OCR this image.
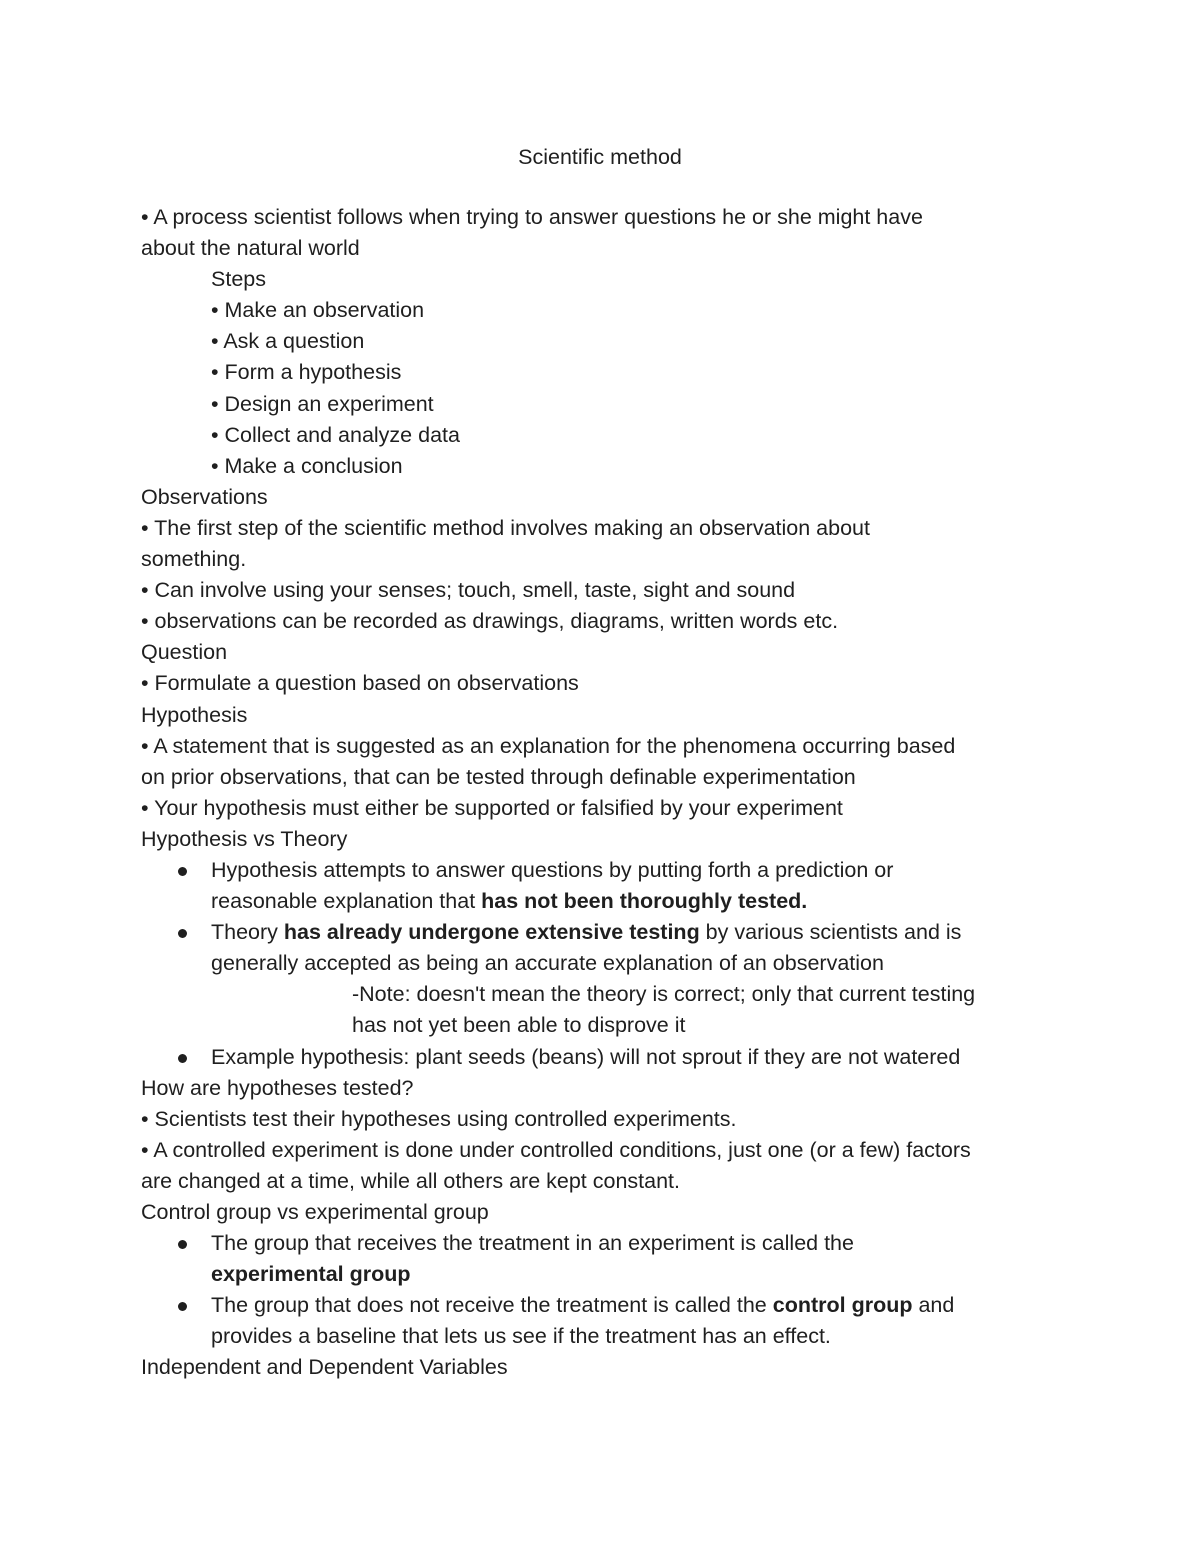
Scientific method
• A process scientist follows when trying to answer questions he or she might have
about the natural world
Steps
• Make an observation
• Ask a question
• Form a hypothesis
• Design an experiment
• Collect and analyze data
• Make a conclusion
Observations
• The first step of the scientific method involves making an observation about
something.
• Can involve using your senses; touch, smell, taste, sight and sound
• observations can be recorded as drawings, diagrams, written words etc.
Question
• Formulate a question based on observations
Hypothesis
• A statement that is suggested as an explanation for the phenomena occurring based
on prior observations, that can be tested through definable experimentation
• Your hypothesis must either be supported or falsified by your experiment
Hypothesis vs Theory
Hypothesis attempts to answer questions by putting forth a prediction or
reasonable explanation that has not been thoroughly tested.
Theory has already undergone extensive testing by various scientists and is
generally accepted as being an accurate explanation of an observation
-Note: doesn't mean the theory is correct; only that current testing
has not yet been able to disprove it
Example hypothesis: plant seeds (beans) will not sprout if they are not watered
How are hypotheses tested?
• Scientists test their hypotheses using controlled experiments.
• A controlled experiment is done under controlled conditions, just one (or a few) factors
are changed at a time, while all others are kept constant.
Control group vs experimental group
The group that receives the treatment in an experiment is called the
experimental group
The group that does not receive the treatment is called the control group and
provides a baseline that lets us see if the treatment has an effect.
Independent and Dependent Variables
